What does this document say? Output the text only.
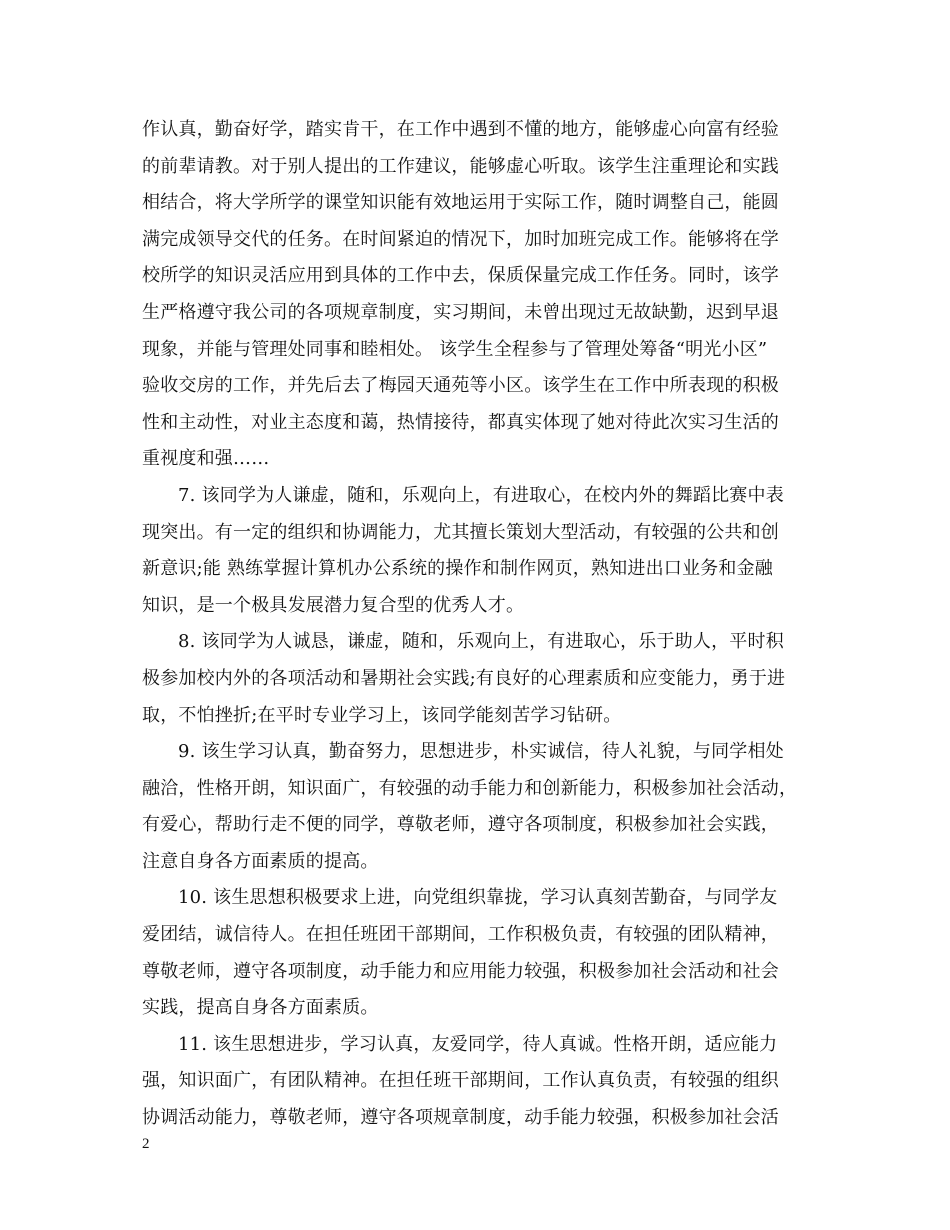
作认真，勤奋好学，踏实肯干，在工作中遇到不懂的地方，能够虚心向富有经验
的前辈请教。对于别人提出的工作建议，能够虚心听取。该学生注重理论和实践
相结合，将大学所学的课堂知识能有效地运用于实际工作，随时调整自己，能圆
满完成领导交代的任务。在时间紧迫的情况下，加时加班完成工作。能够将在学
校所学的知识灵活应用到具体的工作中去，保质保量完成工作任务。同时，该学
生严格遵守我公司的各项规章制度，实习期间，未曾出现过无故缺勤，迟到早退
现象，并能与管理处同事和睦相处。 该学生全程参与了管理处筹备“明光小区”
验收交房的工作，并先后去了梅园天通苑等小区。该学生在工作中所表现的积极
性和主动性，对业主态度和蔼，热情接待，都真实体现了她对待此次实习生活的
重视度和强……

7. 该同学为人谦虚，随和，乐观向上，有进取心，在校内外的舞蹈比赛中表
现突出。有一定的组织和协调能力，尤其擅长策划大型活动，有较强的公共和创
新意识;能 熟练掌握计算机办公系统的操作和制作网页，熟知进出口业务和金融
知识，是一个极具发展潜力复合型的优秀人才。

8. 该同学为人诚恳，谦虚，随和，乐观向上，有进取心，乐于助人，平时积
极参加校内外的各项活动和暑期社会实践;有良好的心理素质和应变能力，勇于进
取，不怕挫折;在平时专业学习上，该同学能刻苦学习钻研。

9. 该生学习认真，勤奋努力，思想进步，朴实诚信，待人礼貌，与同学相处
融洽，性格开朗，知识面广，有较强的动手能力和创新能力，积极参加社会活动，
有爱心，帮助行走不便的同学，尊敬老师，遵守各项制度，积极参加社会实践，
注意自身各方面素质的提高。

10. 该生思想积极要求上进，向党组织靠拢，学习认真刻苦勤奋，与同学友
爱团结，诚信待人。在担任班团干部期间，工作积极负责，有较强的团队精神，
尊敬老师，遵守各项制度，动手能力和应用能力较强，积极参加社会活动和社会
实践，提高自身各方面素质。

11. 该生思想进步，学习认真，友爱同学，待人真诚。性格开朗，适应能力
强，知识面广，有团队精神。在担任班干部期间，工作认真负责，有较强的组织
协调活动能力，尊敬老师，遵守各项规章制度，动手能力较强，积极参加社会活

2
